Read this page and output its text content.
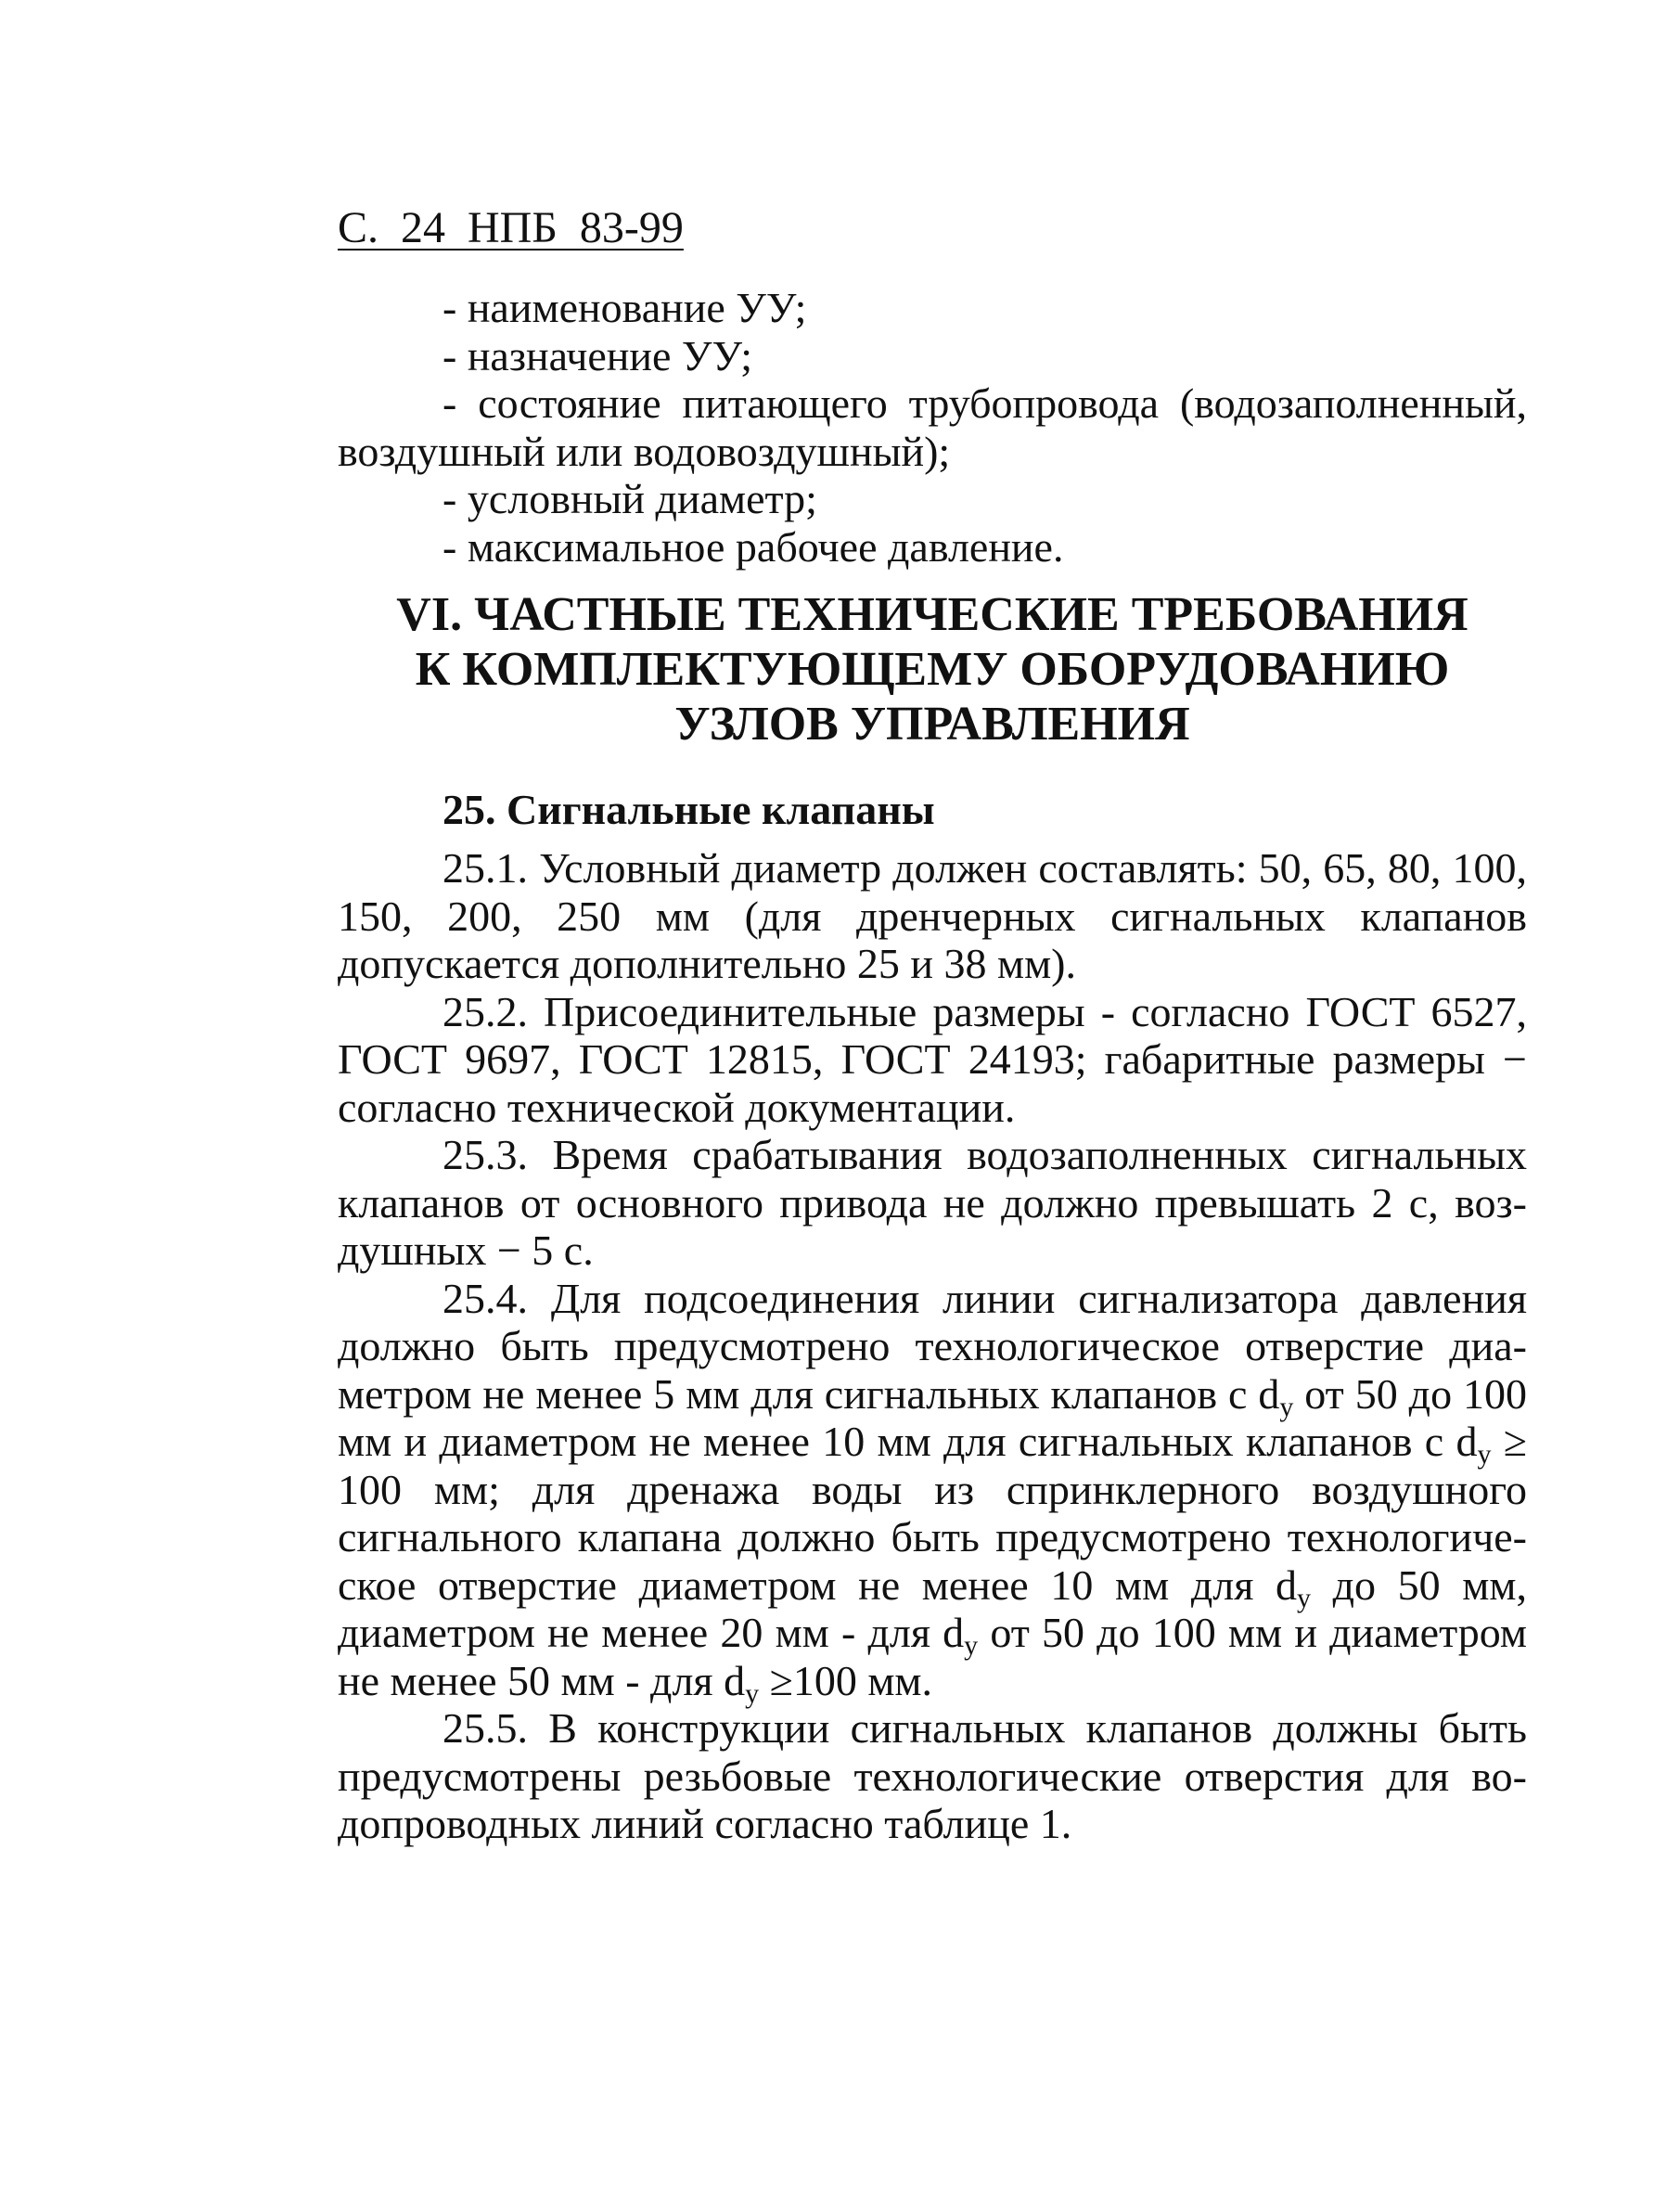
С. 24 НПБ 83-99

- наименование УУ;

- назначение УУ;

- состояние питающего трубопровода (водозаполненный, воздушный или водовоздушный);

- условный диаметр;

- максимальное рабочее давление.

VI. ЧАСТНЫЕ ТЕХНИЧЕСКИЕ ТРЕБОВАНИЯ
К КОМПЛЕКТУЮЩЕМУ ОБОРУДОВАНИЮ
УЗЛОВ УПРАВЛЕНИЯ
25. Сигнальные клапаны

25.1. Условный диаметр должен составлять: 50, 65, 80, 100, 150, 200, 250 мм (для дренчерных сигнальных клапанов допускается дополнительно 25 и 38 мм).

25.2. Присоединительные размеры - согласно ГОСТ 6527, ГОСТ 9697, ГОСТ 12815, ГОСТ 24193; габаритные размеры − согласно технической документации.

25.3. Время срабатывания водозаполненных сигнальных клапанов от основного привода не должно превышать 2 с, воздушных − 5 с.

25.4. Для подсоединения линии сигнализатора давления должно быть предусмотрено технологическое отверстие диаметром не менее 5 мм для сигнальных клапанов с $d_y$ от 50 до 100 мм и диаметром не менее 10 мм для сигнальных клапанов с $d_y \ge 100$ мм; для дренажа воды из спринклерного воздушного сигнального клапана должно быть предусмотрено технологическое отверстие диаметром не менее 10 мм для $d_y$ до 50 мм, диаметром не менее 20 мм - для $d_y$ от 50 до 100 мм и диаметром не менее 50 мм - для $d_y \ge 100$ мм.

25.5. В конструкции сигнальных клапанов должны быть предусмотрены резьбовые технологические отверстия для водопроводных линий согласно таблице 1.
